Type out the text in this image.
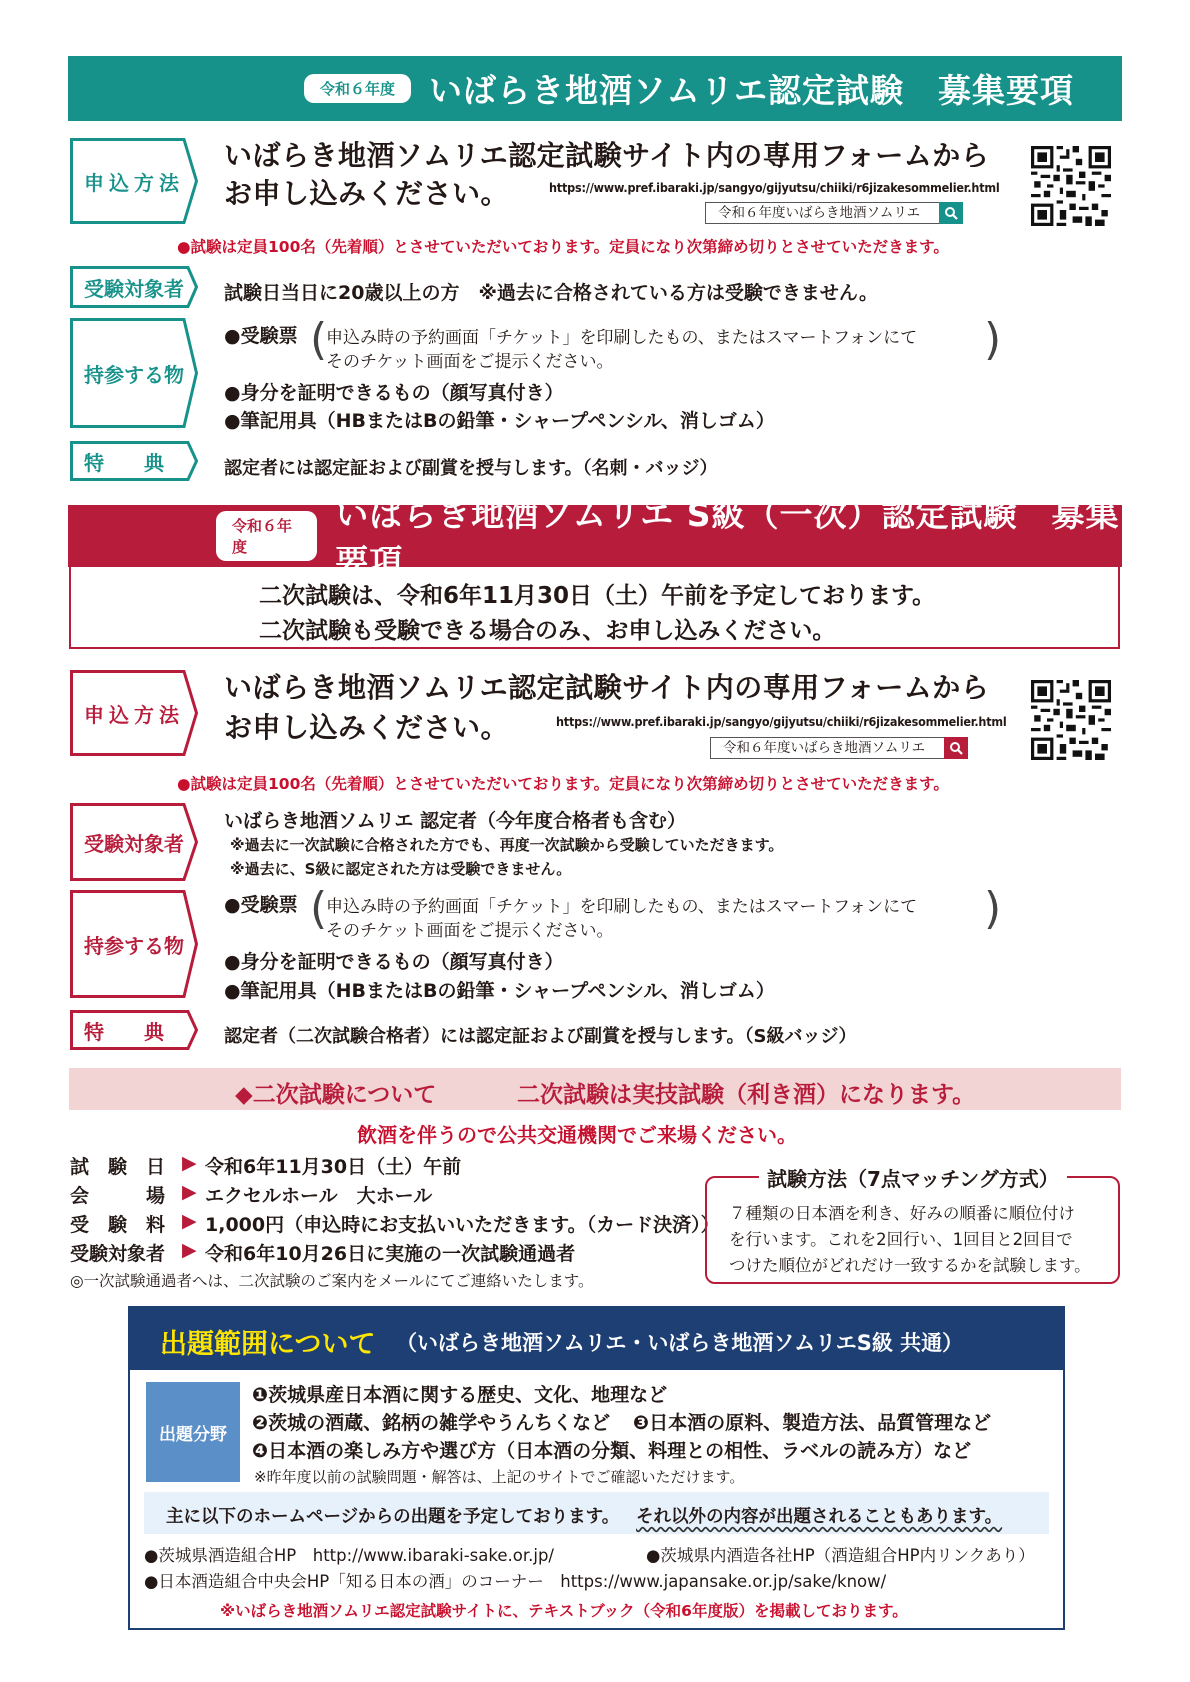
令和６年度	いばらき地酒ソムリエ認定試験　募集要項
申込方法
いばらき地酒ソムリエ認定試験サイト内の専用フォームから
お申し込みください。	https://www.pref.ibaraki.jp/sangyo/gijyutsu/chiiki/r6jizakesommelier.html
令和６年度いばらき地酒ソムリエ
●試験は定員100名（先着順）とさせていただいております。定員になり次第締め切りとさせていただきます。
受験対象者 試験日当日に20歳以上の方　※過去に合格されている方は受験できません。
持参する物
●受験票 (
申込み時の予約画面「チケット」を印刷したもの、またはスマートフォンにて
そのチケット画面をご提示ください。	)
●身分を証明できるもの（顔写真付き）
●筆記用具（HBまたはBの鉛筆・シャープペンシル、消しゴム）
特　　典	認定者には認定証および副賞を授与します。（名刺・バッジ）
令和６年度
いばらき地酒ソムリエ S級（一次）認定試験　募集要項
二次試験は、令和6年11月30日（土）午前を予定しております。
二次試験も受験できる場合のみ、お申し込みください。
申込方法
いばらき地酒ソムリエ認定試験サイト内の専用フォームから
お申し込みください。	https://www.pref.ibaraki.jp/sangyo/gijyutsu/chiiki/r6jizakesommelier.html
令和６年度いばらき地酒ソムリエ
●試験は定員100名（先着順）とさせていただいております。定員になり次第締め切りとさせていただきます。
受験対象者
いばらき地酒ソムリエ 認定者（今年度合格者も含む）
※過去に一次試験に合格された方でも、再度一次試験から受験していただきます。
※過去に、S級に認定された方は受験できません。
持参する物
●受験票 (
申込み時の予約画面「チケット」を印刷したもの、またはスマートフォンにて
そのチケット画面をご提示ください。	)
●身分を証明できるもの（顔写真付き）
●筆記用具（HBまたはBの鉛筆・シャープペンシル、消しゴム）
特　　典	認定者（二次試験合格者）には認定証および副賞を授与します。（S級バッジ）
◆二次試験について	二次試験は実技試験（利き酒）になります。
飲酒を伴うので公共交通機関でご来場ください。
試　験　日 ▶ 令和6年11月30日（土）午前
会　　　場 ▶ エクセルホール　大ホール
受　験　料 ▶ 1,000円（申込時にお支払いいただきます。（カード決済））
受験対象者 ▶ 令和6年10月26日に実施の一次試験通過者
◎一次試験通過者へは、二次試験のご案内をメールにてご連絡いたします。
試験方法（7点マッチング方式）
７種類の日本酒を利き、好みの順番に順位付け
を行います。これを2回行い、1回目と2回目で
つけた順位がどれだけ一致するかを試験します。
出題範囲について （いばらき地酒ソムリエ・いばらき地酒ソムリエS級 共通）
出題分野
❶茨城県産日本酒に関する歴史、文化、地理など
❷茨城の酒蔵、銘柄の雑学やうんちくなど ❸日本酒の原料、製造方法、品質管理など
❹日本酒の楽しみ方や選び方（日本酒の分類、料理との相性、ラベルの読み方）など
※昨年度以前の試験問題・解答は、上記のサイトでご確認いただけます。
主に以下のホームページからの出題を予定しております。 それ以外の内容が出題されることもあります。
●茨城県酒造組合HP　http://www.ibaraki-sake.or.jp/	●茨城県内酒造各社HP（酒造組合HP内リンクあり）
●日本酒造組合中央会HP「知る日本の酒」のコーナー　https://www.japansake.or.jp/sake/know/
※いばらき地酒ソムリエ認定試験サイトに、テキストブック（令和6年度版）を掲載しております。
